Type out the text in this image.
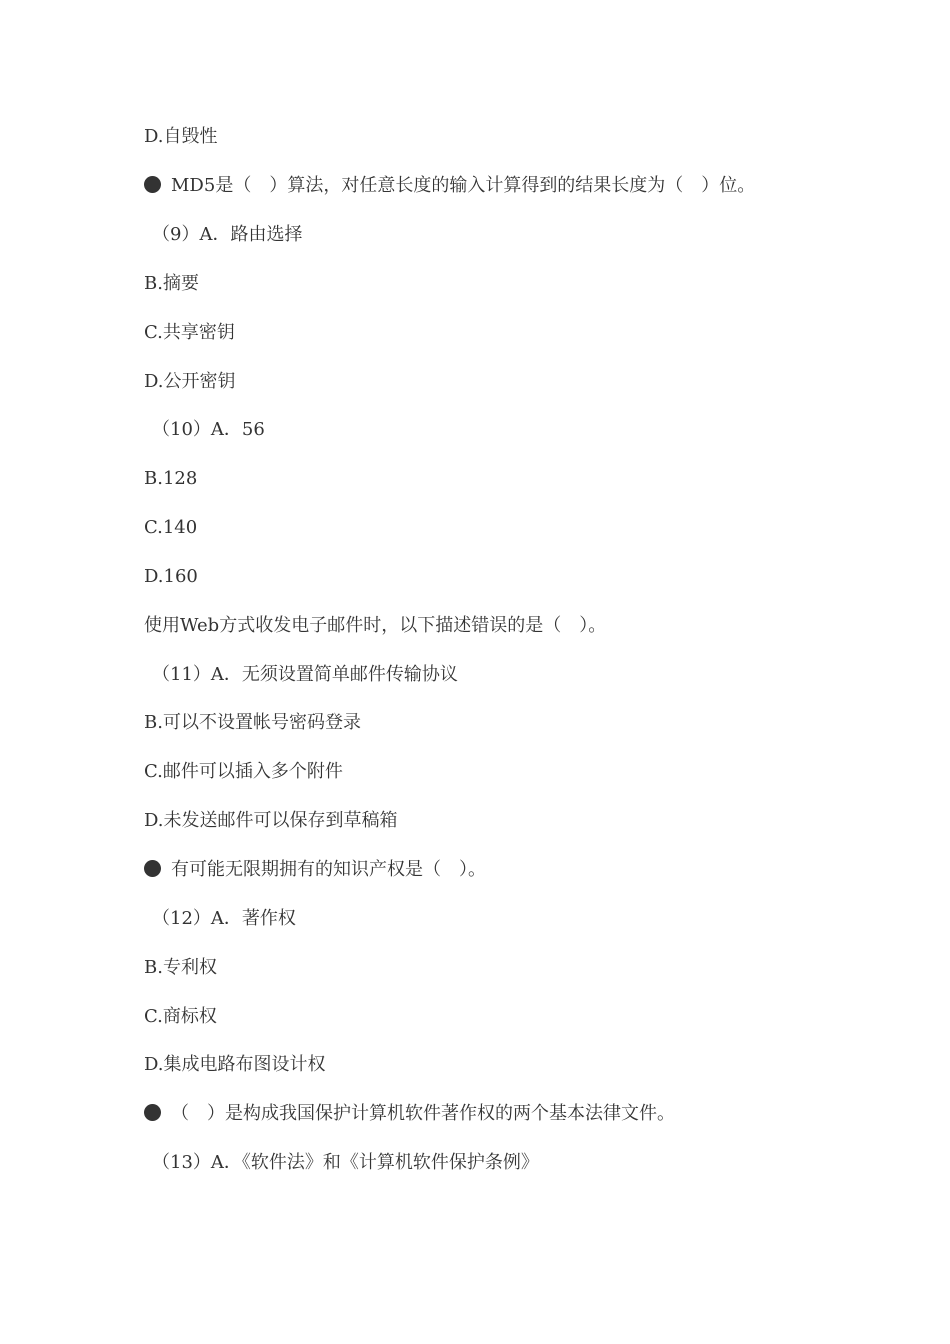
D.自毁性
MD5是（　）算法，对任意长度的输入计算得到的结果长度为（　）位。
（9）A．路由选择
B.摘要
C.共享密钥
D.公开密钥
（10）A．56
B.128
C.140
D.160
使用Web方式收发电子邮件时，以下描述错误的是（　）。
（11）A．无须设置简单邮件传输协议
B.可以不设置帐号密码登录
C.邮件可以插入多个附件
D.未发送邮件可以保存到草稿箱
有可能无限期拥有的知识产权是（　）。
（12）A．著作权
B.专利权
C.商标权
D.集成电路布图设计权
（　）是构成我国保护计算机软件著作权的两个基本法律文件。
（13）A．《软件法》和《计算机软件保护条例》
